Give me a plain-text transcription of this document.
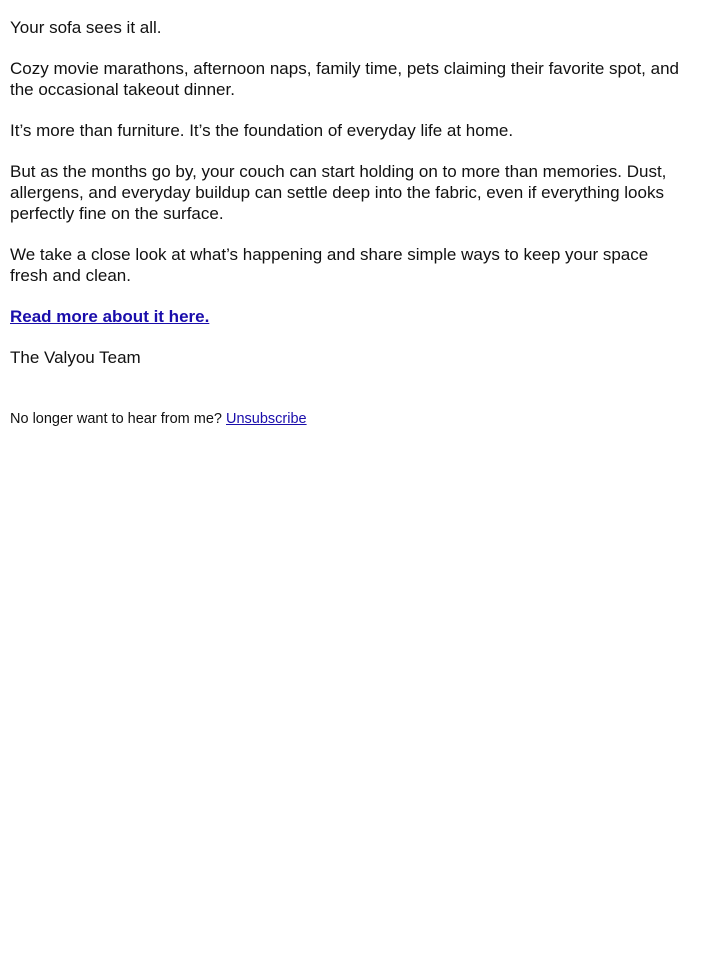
Your sofa sees it all.

Cozy movie marathons, afternoon naps, family time, pets claiming their favorite spot, and the occasional takeout dinner.

It’s more than furniture. It’s the foundation of everyday life at home.

But as the months go by, your couch can start holding on to more than memories. Dust, allergens, and everyday buildup can settle deep into the fabric, even if everything looks perfectly fine on the surface.

We take a close look at what’s happening and share simple ways to keep your space fresh and clean.

Read more about it here.

The Valyou Team

No longer want to hear from me? Unsubscribe
